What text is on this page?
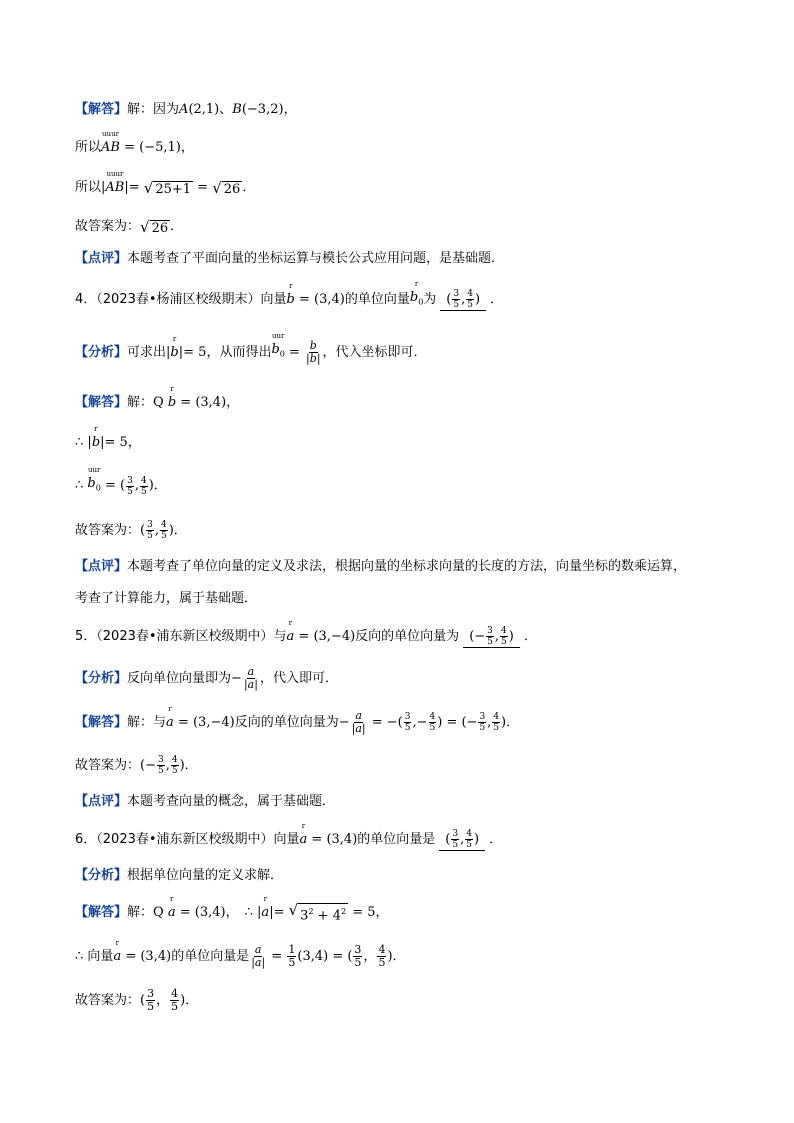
【解答】 解： 因为 A(2,1) 、 B(−3,2) ，
所以
uuur
AB = (−5,1) ，
所以 |
uuur
AB |= √ 25+1 = √ 26 ．
故答案为： √ 26 ．
【点评】 本题考查了平面向量的坐标运算与模长公式应用问题，是基础题．
4．（2023春•杨浦区校级期末）向量
r
b = (3,4) 的单位向量
r
$b_0$ 为 ( $\frac{3}{5}$ , $\frac{4}{5}$ ) ．
【分析】 可求出 |
r
b |= 5 ，从而得出
uur
$b_0 = \frac{b}{|b|}$ ，代入坐标即可．
【解答】 解： Q

r
b = (3,4) ，
∴
|
r
b |= 5 ，
∴

uur
$b_0$ = ( $\frac{3}{5}$ , $\frac{4}{5}$ ) ．
故答案为： ( $\frac{3}{5}$ , $\frac{4}{5}$ ) ．
【点评】 本题考查了单位向量的定义及求法，根据向量的坐标求向量的长度的方法，向量坐标的数乘运算，
考查了计算能力，属于基础题．
5．（2023春•浦东新区校级期中）与
r
a = (3,−4) 反向的单位向量为 (− $\frac{3}{5}$ , $\frac{4}{5}$ ) ．
【分析】 反向单位向量即为 − $\frac{a}{|a|}$ ，代入即可．
【解答】 解： 与
r
a = (3,−4) 反向的单位向量为 − $\frac{a}{|a|}$ = −( $\frac{3}{5}$ ,− $\frac{4}{5}$ ) = (− $\frac{3}{5}$ , $\frac{4}{5}$ ) ．
故答案为： (− $\frac{3}{5}$ , $\frac{4}{5}$ ) ．
【点评】 本题考查向量的概念，属于基础题．
6．（2023春•浦东新区校级期中）向量
r
a = (3,4) 的单位向量是 ( $\frac{3}{5}$ , $\frac{4}{5}$ ) ．
【分析】 根据单位向量的定义求解．
【解答】 解： Q

r
a = (3,4) ， ∴
|
r
a |= √ $3^2 + 4^2 = 5$ ，
∴
向量
r
a = (3,4) 的单位向量是 $\frac{a}{|a|} = \frac{1}{5} (3,4)$ = ( $\frac{3}{5}$ ， $\frac{4}{5}$ ) ．
故答案为： ( $\frac{3}{5}$ ， $\frac{4}{5}$ ) ．
